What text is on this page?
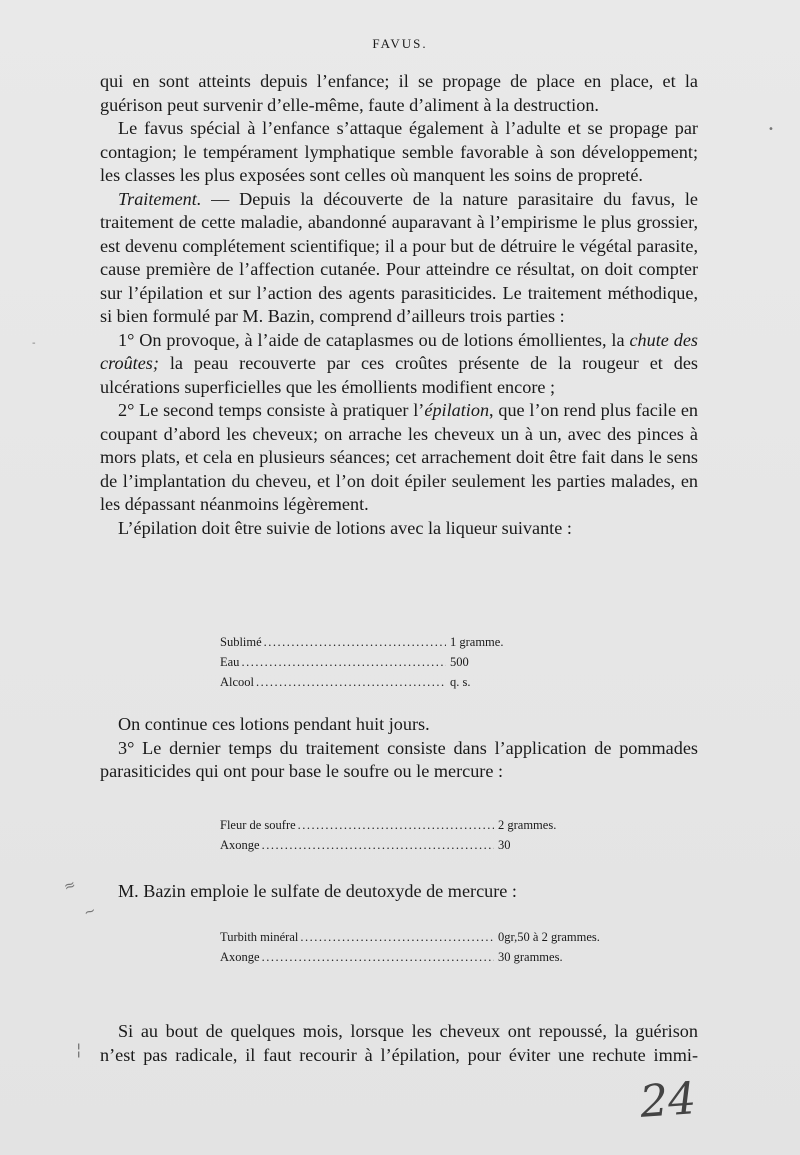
FAVUS.

qui en sont atteints depuis l’enfance; il se propage de place en place, et la guérison peut survenir d’elle-même, faute d’aliment à la destruction.

Le favus spécial à l’enfance s’attaque également à l’adulte et se propage par contagion; le tempérament lymphatique semble favorable à son développement; les classes les plus exposées sont celles où manquent les soins de propreté.

Traitement. — Depuis la découverte de la nature parasitaire du favus, le traitement de cette maladie, abandonné auparavant à l’empirisme le plus grossier, est devenu complétement scientifique; il a pour but de détruire le végétal parasite, cause première de l’affection cutanée. Pour atteindre ce résultat, on doit compter sur l’épilation et sur l’action des agents parasiticides. Le traitement méthodique, si bien formulé par M. Bazin, comprend d’ailleurs trois parties :

1° On provoque, à l’aide de cataplasmes ou de lotions émollientes, la chute des croûtes; la peau recouverte par ces croûtes présente de la rougeur et des ulcérations superficielles que les émollients modifient encore ;

2° Le second temps consiste à pratiquer l’épilation, que l’on rend plus facile en coupant d’abord les cheveux; on arrache les cheveux un à un, avec des pinces à mors plats, et cela en plusieurs séances; cet arrachement doit être fait dans le sens de l’implantation du cheveu, et l’on doit épiler seulement les parties malades, en les dépassant néanmoins légèrement.

L’épilation doit être suivie de lotions avec la liqueur suivante :

Sublimé .....	1 gramme.
Eau .....	500
Alcool .....	q. s.

On continue ces lotions pendant huit jours.

3° Le dernier temps du traitement consiste dans l’application de pommades parasiticides qui ont pour base le soufre ou le mercure :

Fleur de soufre .....	2 grammes.
Axonge .....	30

M. Bazin emploie le sulfate de deutoxyde de mercure :

Turbith minéral .....	0gr,50 à 2 grammes.
Axonge .....	30 grammes.

Si au bout de quelques mois, lorsque les cheveux ont repoussé, la guérison n’est pas radicale, il faut recourir à l’épilation, pour éviter une rechute immi-

24
≈
~
•
-
¦
